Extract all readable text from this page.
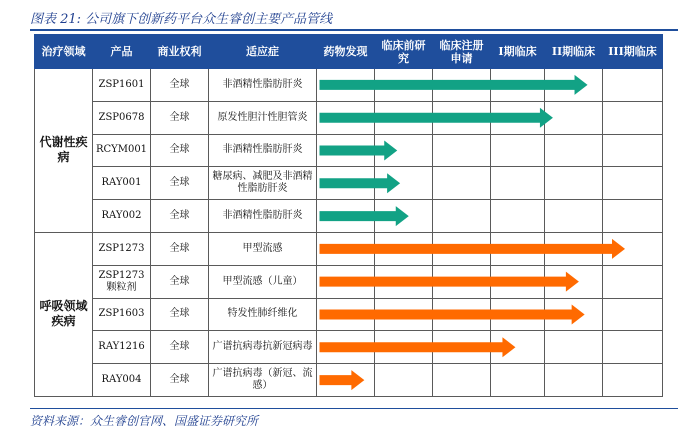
图表 21: 公司旗下创新药平台众生睿创主要产品管线
治疗领域	产品	商业权利	适应症	药物发现	临床前研究	临床注册申请	I期临床	II期临床	III期临床
代谢性疾病	ZSP1601	全球	非酒精性脂肪肝炎						
	ZSP0678	全球	原发性胆汁性胆管炎						
	RCYM001	全球	非酒精性脂肪肝炎						
	RAY001	全球	糖尿病、减肥及非酒精性脂肪肝炎						
	RAY002	全球	非酒精性脂肪肝炎						
呼吸领域疾病	ZSP1273	全球	甲型流感						
	ZSP1273颗粒剂	全球	甲型流感（儿童）						
	ZSP1603	全球	特发性肺纤维化						
	RAY1216	全球	广谱抗病毒抗新冠病毒						
	RAY004	全球	广谱抗病毒（新冠、流感）						
资料来源：众生睿创官网、国盛证券研究所
